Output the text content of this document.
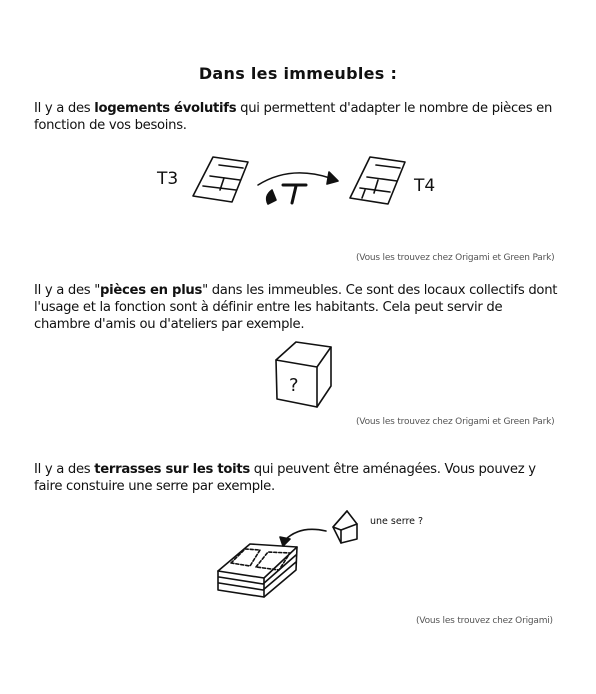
Dans les immeubles :
Il y a des logements évolutifs qui permettent d'adapter le nombre de pièces en fonction de vos besoins.
T3	T4
?
une serre ?
(Vous les trouvez chez Origami et Green Park)
Il y a des "pièces en plus" dans les immeubles. Ce sont des locaux collectifs dont l'usage et la fonction sont à définir entre les habitants. Cela peut servir de chambre d'amis ou d'ateliers par exemple.
(Vous les trouvez chez Origami et Green Park)
Il y a des terrasses sur les toits qui peuvent être aménagées. Vous pouvez y faire constuire une serre par exemple.
(Vous les trouvez chez Origami)
